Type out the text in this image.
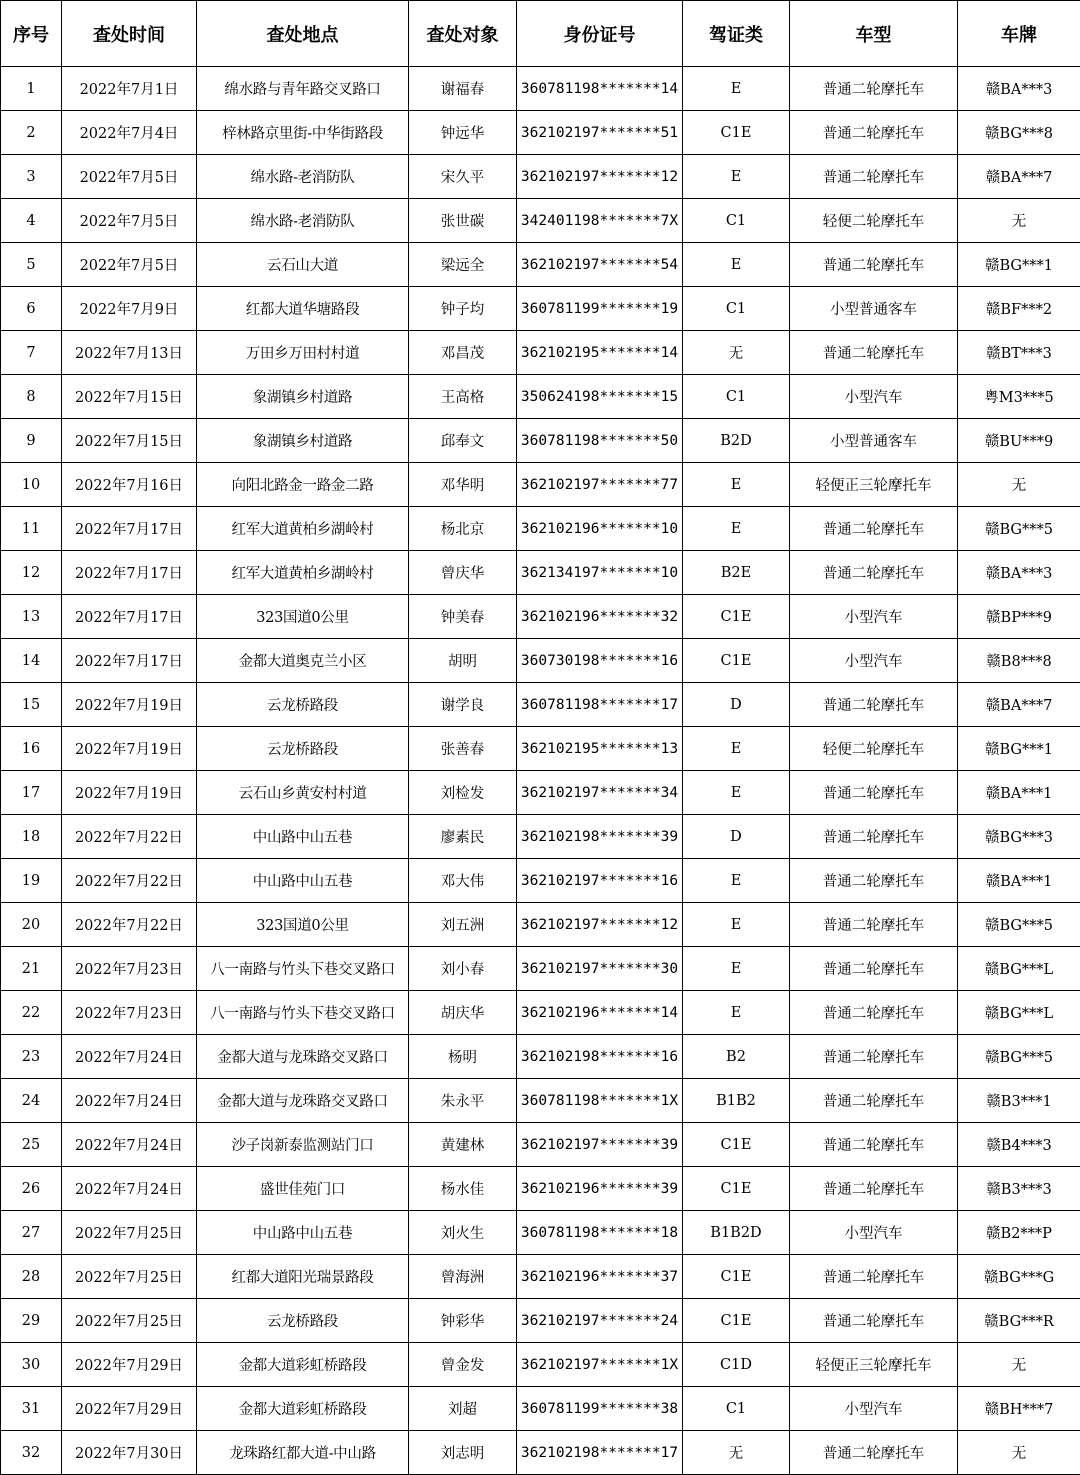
序号	查处时间	查处地点	查处对象	身份证号	驾证类	车型	车牌
1	2022年7月1日	绵水路与青年路交叉路口	谢福春	360781198*******14	E	普通二轮摩托车	赣BA***3
2	2022年7月4日	梓林路京里街-中华街路段	钟远华	362102197*******51	C1E	普通二轮摩托车	赣BG***8
3	2022年7月5日	绵水路-老消防队	宋久平	362102197*******12	E	普通二轮摩托车	赣BA***7
4	2022年7月5日	绵水路-老消防队	张世碳	342401198*******7X	C1	轻便二轮摩托车	无
5	2022年7月5日	云石山大道	梁远全	362102197*******54	E	普通二轮摩托车	赣BG***1
6	2022年7月9日	红都大道华塘路段	钟子均	360781199*******19	C1	小型普通客车	赣BF***2
7	2022年7月13日	万田乡万田村村道	邓昌茂	362102195*******14	无	普通二轮摩托车	赣BT***3
8	2022年7月15日	象湖镇乡村道路	王高格	350624198*******15	C1	小型汽车	粤M3***5
9	2022年7月15日	象湖镇乡村道路	邱奉文	360781198*******50	B2D	小型普通客车	赣BU***9
10	2022年7月16日	向阳北路金一路金二路	邓华明	362102197*******77	E	轻便正三轮摩托车	无
11	2022年7月17日	红军大道黄柏乡湖岭村	杨北京	362102196*******10	E	普通二轮摩托车	赣BG***5
12	2022年7月17日	红军大道黄柏乡湖岭村	曾庆华	362134197*******10	B2E	普通二轮摩托车	赣BA***3
13	2022年7月17日	323国道0公里	钟美春	362102196*******32	C1E	小型汽车	赣BP***9
14	2022年7月17日	金都大道奥克兰小区	胡明	360730198*******16	C1E	小型汽车	赣B8***8
15	2022年7月19日	云龙桥路段	谢学良	360781198*******17	D	普通二轮摩托车	赣BA***7
16	2022年7月19日	云龙桥路段	张善春	362102195*******13	E	轻便二轮摩托车	赣BG***1
17	2022年7月19日	云石山乡黄安村村道	刘检发	362102197*******34	E	普通二轮摩托车	赣BA***1
18	2022年7月22日	中山路中山五巷	廖素民	362102198*******39	D	普通二轮摩托车	赣BG***3
19	2022年7月22日	中山路中山五巷	邓大伟	362102197*******16	E	普通二轮摩托车	赣BA***1
20	2022年7月22日	323国道0公里	刘五洲	362102197*******12	E	普通二轮摩托车	赣BG***5
21	2022年7月23日	八一南路与竹头下巷交叉路口	刘小春	362102197*******30	E	普通二轮摩托车	赣BG***L
22	2022年7月23日	八一南路与竹头下巷交叉路口	胡庆华	362102196*******14	E	普通二轮摩托车	赣BG***L
23	2022年7月24日	金都大道与龙珠路交叉路口	杨明	362102198*******16	B2	普通二轮摩托车	赣BG***5
24	2022年7月24日	金都大道与龙珠路交叉路口	朱永平	360781198*******1X	B1B2	普通二轮摩托车	赣B3***1
25	2022年7月24日	沙子岗新泰监测站门口	黄建林	362102197*******39	C1E	普通二轮摩托车	赣B4***3
26	2022年7月24日	盛世佳苑门口	杨水佳	362102196*******39	C1E	普通二轮摩托车	赣B3***3
27	2022年7月25日	中山路中山五巷	刘火生	360781198*******18	B1B2D	小型汽车	赣B2***P
28	2022年7月25日	红都大道阳光瑞景路段	曾海洲	362102196*******37	C1E	普通二轮摩托车	赣BG***G
29	2022年7月25日	云龙桥路段	钟彩华	362102197*******24	C1E	普通二轮摩托车	赣BG***R
30	2022年7月29日	金都大道彩虹桥路段	曾金发	362102197*******1X	C1D	轻便正三轮摩托车	无
31	2022年7月29日	金都大道彩虹桥路段	刘超	360781199*******38	C1	小型汽车	赣BH***7
32	2022年7月30日	龙珠路红都大道-中山路	刘志明	362102198*******17	无	普通二轮摩托车	无
